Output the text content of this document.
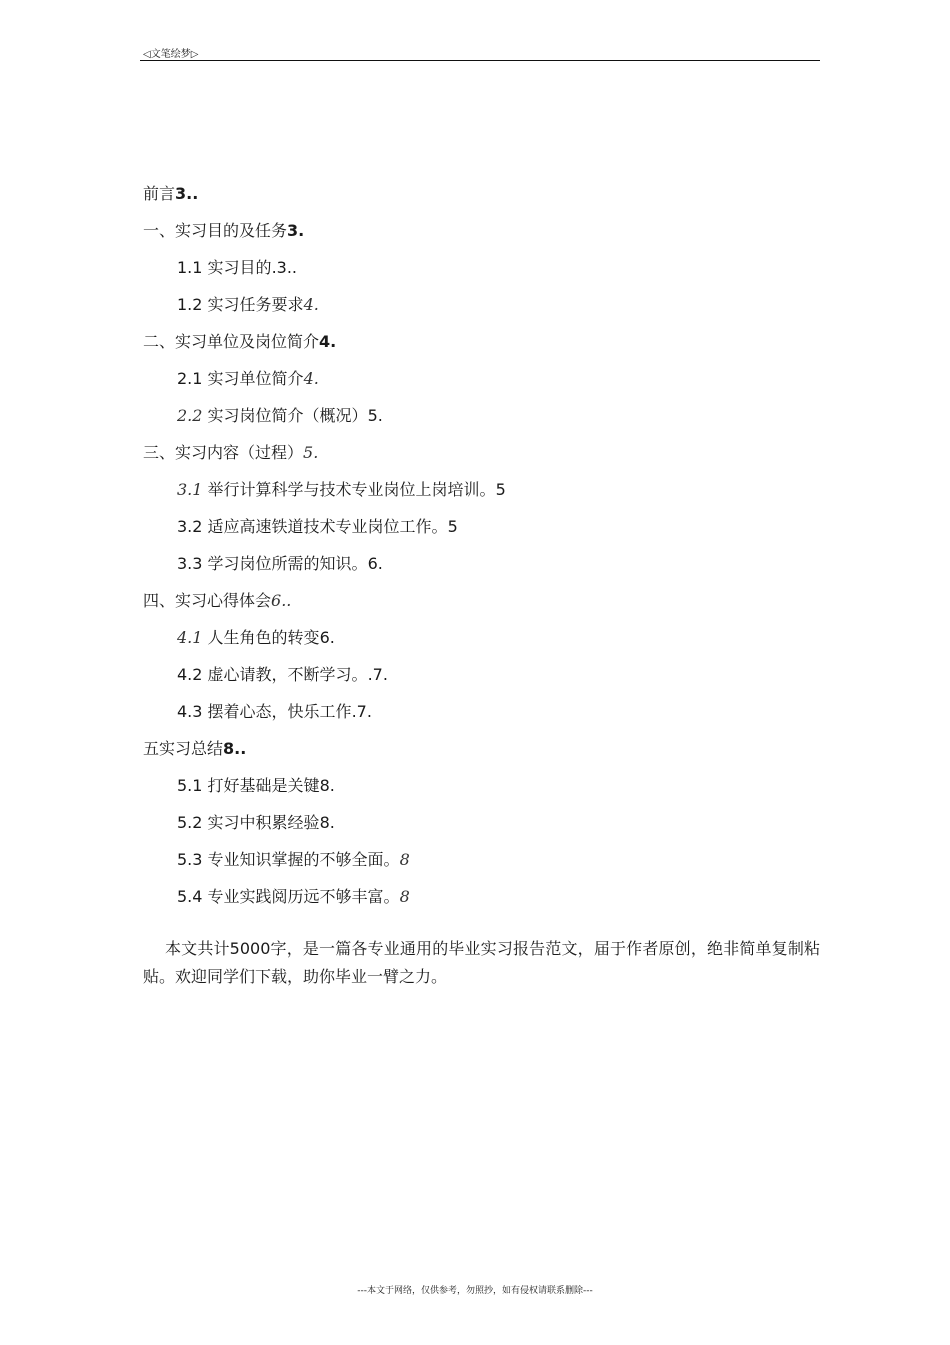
◁文笔绘梦▷
前言3..
一、实习目的及任务3.
1.1 实习目的.3..
1.2 实习任务要求4.
二、实习单位及岗位简介4.
2.1 实习单位简介4.
2.2 实习岗位简介（概况）5.
三、实习内容（过程）5.
3.1 举行计算科学与技术专业岗位上岗培训。5
3.2 适应高速铁道技术专业岗位工作。5
3.3 学习岗位所需的知识。6.
四、实习心得体会6..
4.1 人生角色的转变6.
4.2 虚心请教，不断学习。.7.
4.3 摆着心态，快乐工作.7.
五实习总结8..
5.1 打好基础是关键8.
5.2 实习中积累经验8.
5.3 专业知识掌握的不够全面。8
5.4 专业实践阅历远不够丰富。8

本文共计5000字，是一篇各专业通用的毕业实习报告范文，届于作者原创，绝非简单复制粘贴。欢迎同学们下载，助你毕业一臂之力。

---本文于网络，仅供参考，勿照抄，如有侵权请联系删除---
